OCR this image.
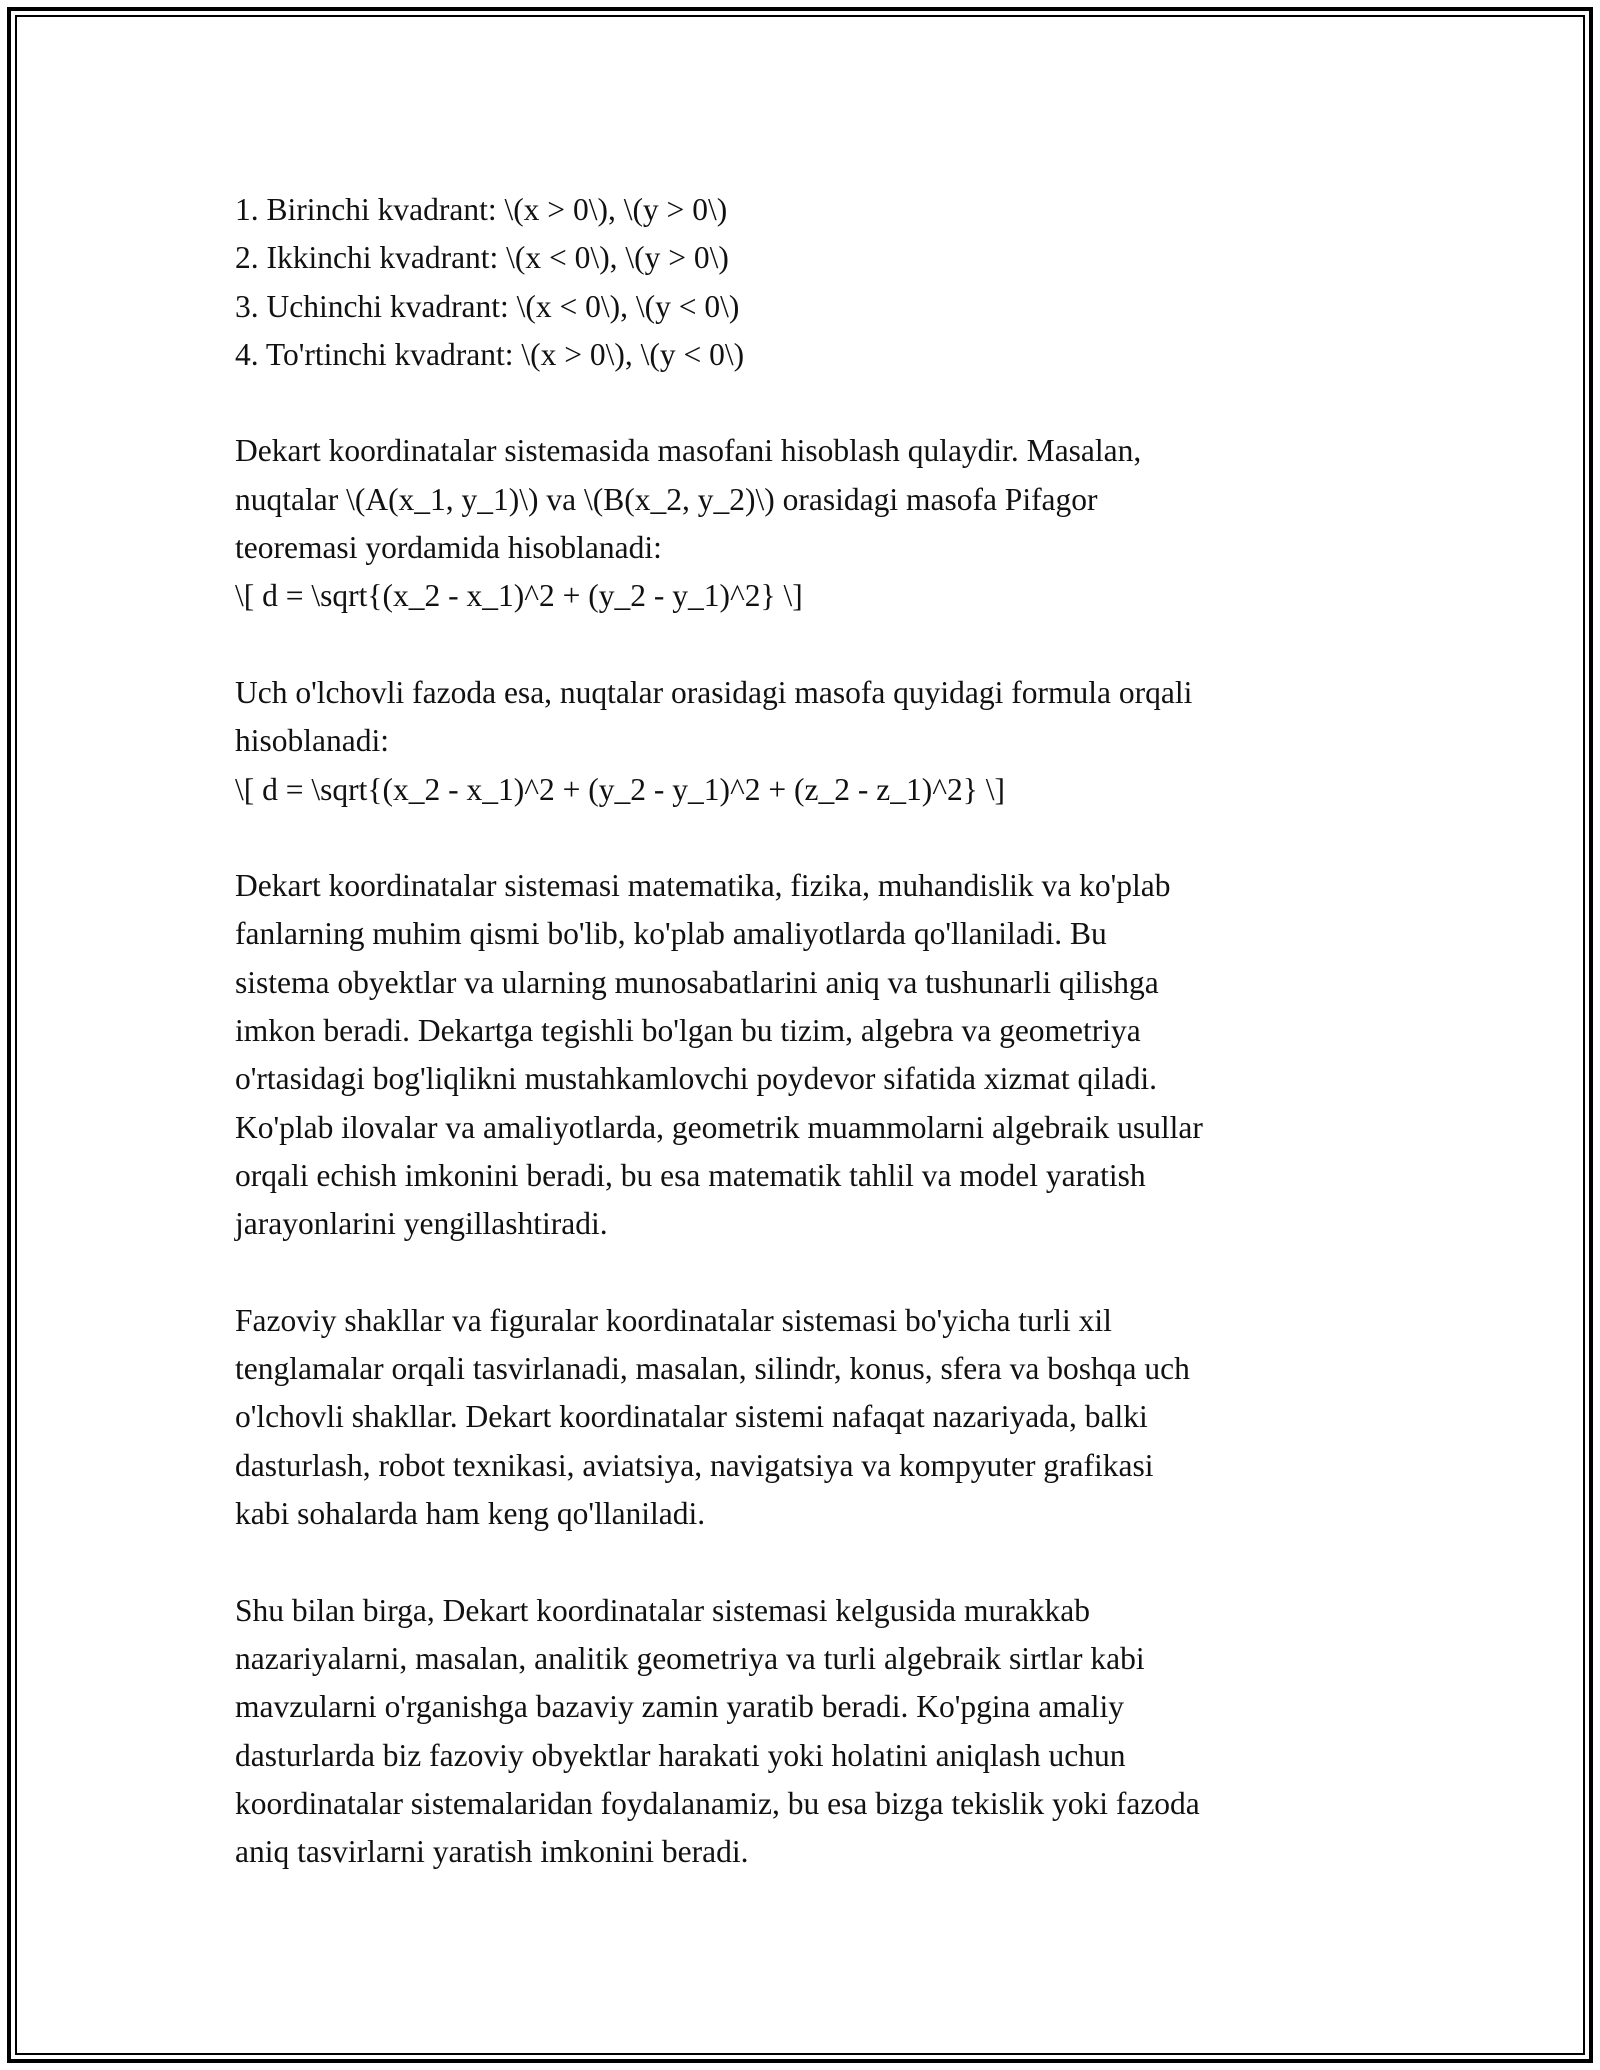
1. Birinchi kvadrant: \(x > 0\), \(y > 0\)
2. Ikkinchi kvadrant: \(x < 0\), \(y > 0\)
3. Uchinchi kvadrant: \(x < 0\), \(y < 0\)
4. To'rtinchi kvadrant: \(x > 0\), \(y < 0\)
Dekart koordinatalar sistemasida masofani hisoblash qulaydir. Masalan,
nuqtalar \(A(x_1, y_1)\) va \(B(x_2, y_2)\) orasidagi masofa Pifagor
teoremasi yordamida hisoblanadi:
\[ d = \sqrt{(x_2 - x_1)^2 + (y_2 - y_1)^2} \]
Uch o'lchovli fazoda esa, nuqtalar orasidagi masofa quyidagi formula orqali
hisoblanadi:
\[ d = \sqrt{(x_2 - x_1)^2 + (y_2 - y_1)^2 + (z_2 - z_1)^2} \]
Dekart koordinatalar sistemasi matematika, fizika, muhandislik va ko'plab
fanlarning muhim qismi bo'lib, ko'plab amaliyotlarda qo'llaniladi. Bu
sistema obyektlar va ularning munosabatlarini aniq va tushunarli qilishga
imkon beradi. Dekartga tegishli bo'lgan bu tizim, algebra va geometriya
o'rtasidagi bog'liqlikni mustahkamlovchi poydevor sifatida xizmat qiladi.
Ko'plab ilovalar va amaliyotlarda, geometrik muammolarni algebraik usullar
orqali echish imkonini beradi, bu esa matematik tahlil va model yaratish
jarayonlarini yengillashtiradi.
Fazoviy shakllar va figuralar koordinatalar sistemasi bo'yicha turli xil
tenglamalar orqali tasvirlanadi, masalan, silindr, konus, sfera va boshqa uch
o'lchovli shakllar. Dekart koordinatalar sistemi nafaqat nazariyada, balki
dasturlash, robot texnikasi, aviatsiya, navigatsiya va kompyuter grafikasi
kabi sohalarda ham keng qo'llaniladi.
Shu bilan birga, Dekart koordinatalar sistemasi kelgusida murakkab
nazariyalarni, masalan, analitik geometriya va turli algebraik sirtlar kabi
mavzularni o'rganishga bazaviy zamin yaratib beradi. Ko'pgina amaliy
dasturlarda biz fazoviy obyektlar harakati yoki holatini aniqlash uchun
koordinatalar sistemalaridan foydalanamiz, bu esa bizga tekislik yoki fazoda
aniq tasvirlarni yaratish imkonini beradi.
